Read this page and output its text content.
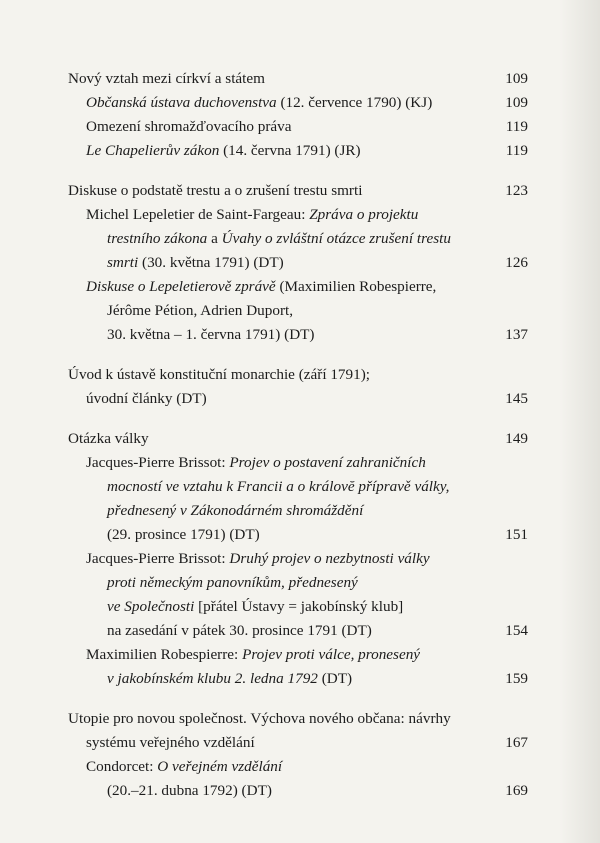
Nový vztah mezi církví a státem	109
Občanská ústava duchovenstva (12. července 1790) (KJ)	109
Omezení shromažďovacího práva	119
Le Chapelierův zákon (14. června 1791) (JR)	119
Diskuse o podstatě trestu a o zrušení trestu smrti	123
Michel Lepeletier de Saint-Fargeau: Zpráva o projektu
trestního zákona a Úvahy o zvláštní otázce zrušení trestu
smrti (30. května 1791) (DT)	126
Diskuse o Lepeletierově zprávě (Maximilien Robespierre,
Jérôme Pétion, Adrien Duport,
30. května – 1. června 1791) (DT)	137
Úvod k ústavě konstituční monarchie (září 1791);
úvodní články (DT)	145
Otázka války	149
Jacques-Pierre Brissot: Projev o postavení zahraničních
mocností ve vztahu k Francii a o královĕ přípravě války,
přednesený v Zákonodárném shromáždění
(29. prosince 1791) (DT)	151
Jacques-Pierre Brissot: Druhý projev o nezbytnosti války
proti německým panovníkům, přednesený
ve Společnosti [přátel Ústavy = jakobínský klub]
na zasedání v pátek 30. prosince 1791 (DT)	154
Maximilien Robespierre: Projev proti válce, pronesený
v jakobínském klubu 2. ledna 1792 (DT)	159
Utopie pro novou společnost. Výchova nového občana: návrhy
systému veřejného vzdělání	167
Condorcet: O veřejném vzdělání
(20.–21. dubna 1792) (DT)	169
